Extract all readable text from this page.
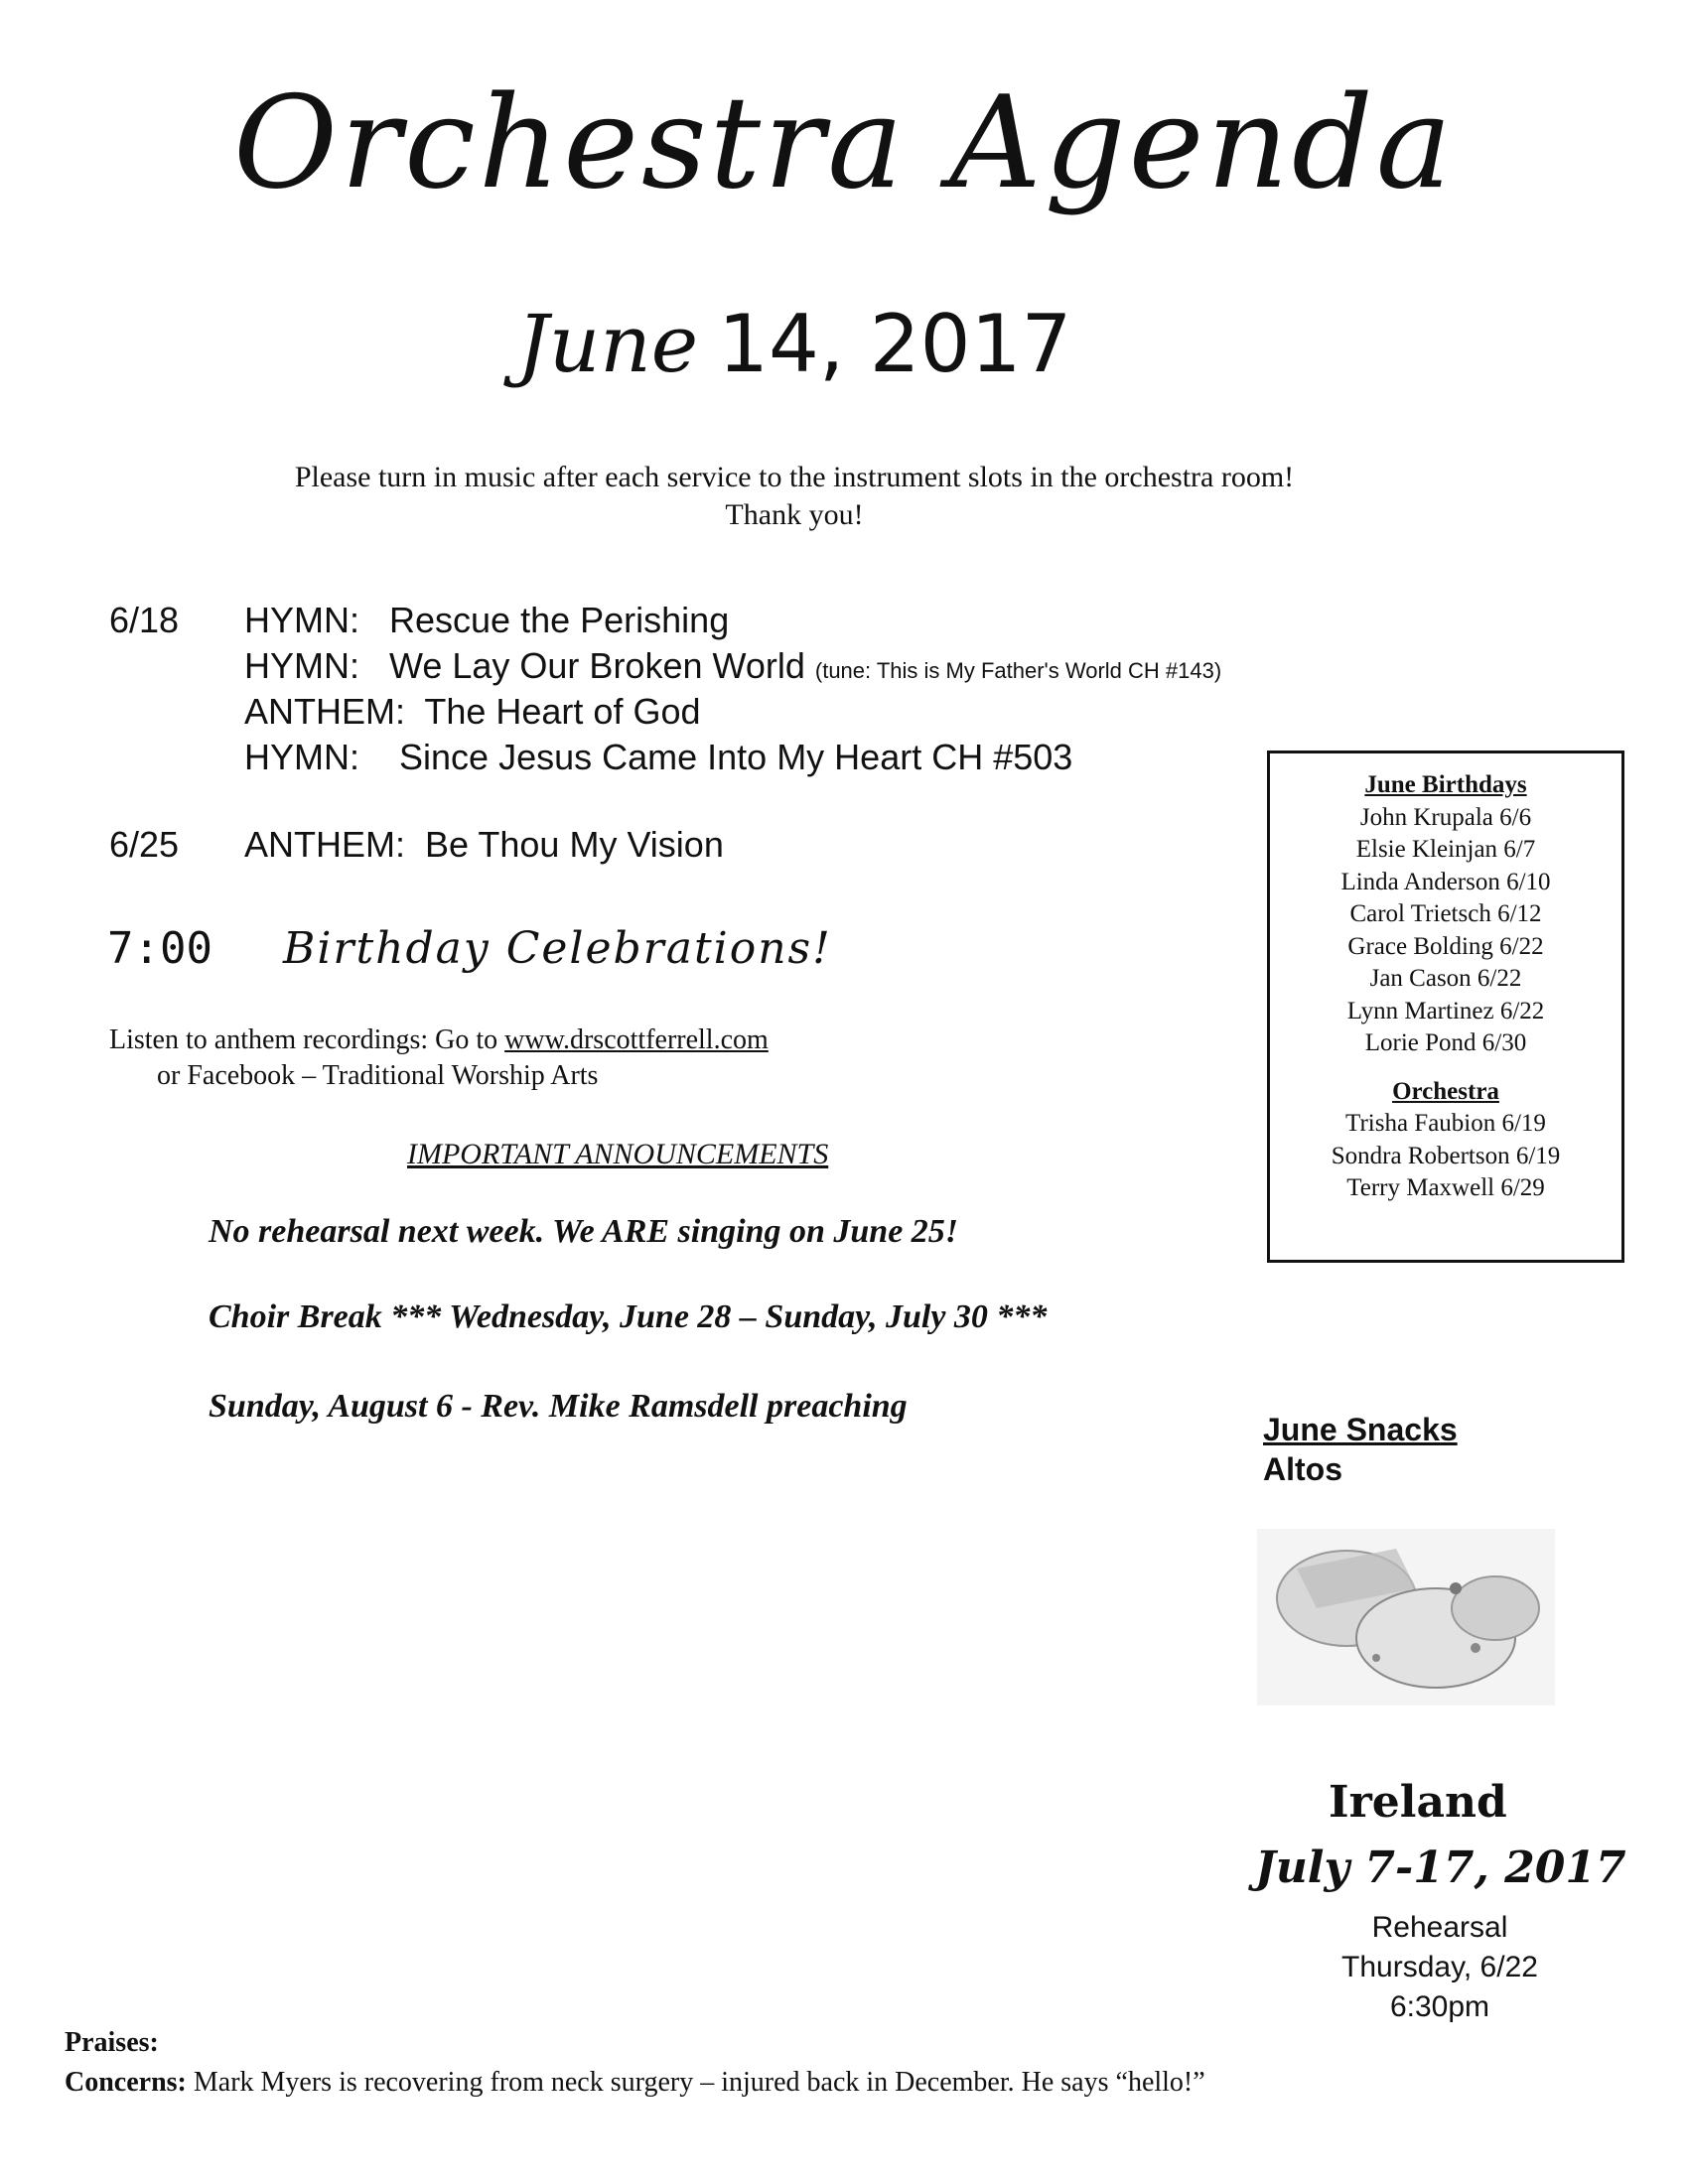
Orchestra Agenda
June 14, 2017
Please turn in music after each service to the instrument slots in the orchestra room!
Thank you!
6/18 HYMN: Rescue the Perishing
HYMN: We Lay Our Broken World (tune: This is My Father's World CH #143)
ANTHEM: The Heart of God
HYMN: Since Jesus Came Into My Heart CH #503
6/25 ANTHEM: Be Thou My Vision
7:00 Birthday Celebrations!
Listen to anthem recordings: Go to www.drscottferrell.com
or Facebook – Traditional Worship Arts
IMPORTANT ANNOUNCEMENTS
No rehearsal next week. We ARE singing on June 25!
Choir Break *** Wednesday, June 28 – Sunday, July 30 ***
Sunday, August 6 - Rev. Mike Ramsdell preaching
June Birthdays
John Krupala 6/6
Elsie Kleinjan 6/7
Linda Anderson 6/10
Carol Trietsch 6/12
Grace Bolding 6/22
Jan Cason 6/22
Lynn Martinez 6/22
Lorie Pond 6/30
Orchestra
Trisha Faubion 6/19
Sondra Robertson 6/19
Terry Maxwell 6/29
June Snacks
Altos
Ireland
July 7-17, 2017
Rehearsal
Thursday, 6/22 6:30pm
Praises:
Concerns: Mark Myers is recovering from neck surgery – injured back in December. He says “hello!”
